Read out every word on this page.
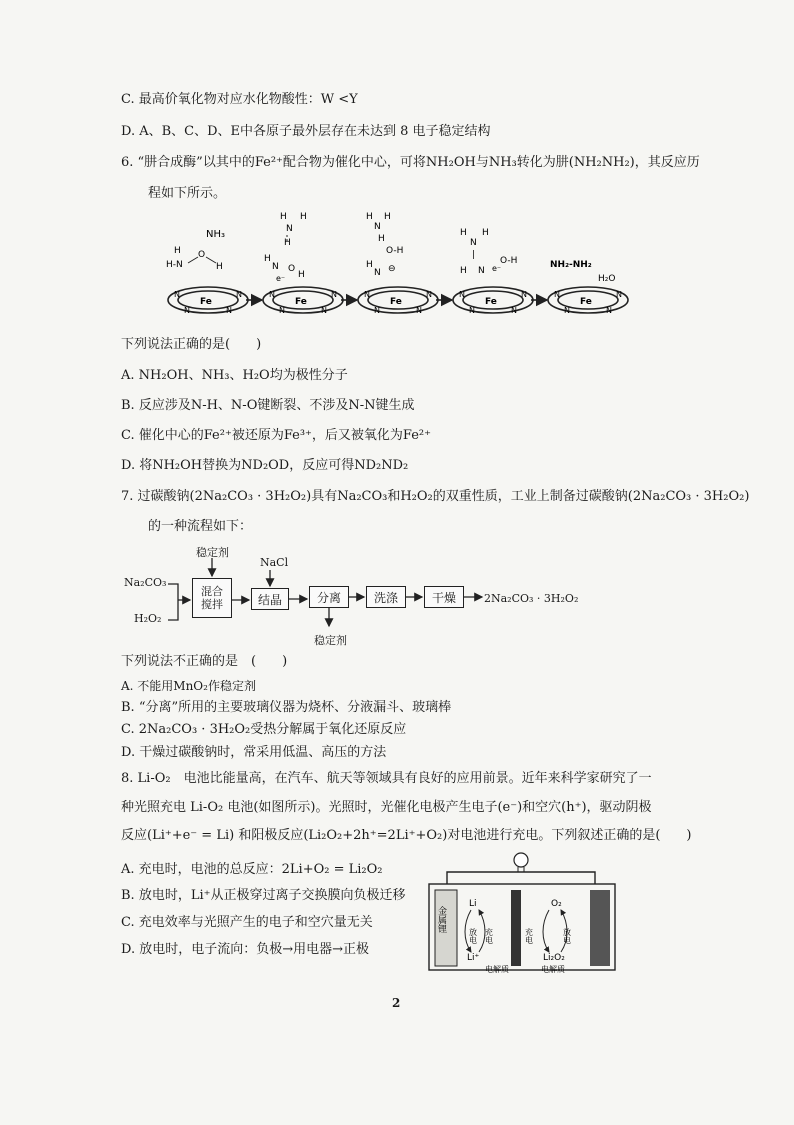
C. 最高价氧化物对应水化物酸性：W <Y
D. A、B、C、D、E中各原子最外层存在未达到 8 电子稳定结构
6. “肼合成酶”以其中的Fe²⁺配合物为催化中心，可将NH₂OH与NH₃转化为肼(NH₂NH₂)，其反应历
程如下所示。
Fe
N	N
N	N
Fe
N	N
N	N
Fe
N	N
N	N
Fe
N	N
N	N
Fe
N	N
N	N
NH₃
H
H-N
O
H
H H
N
H
H
N O
H
e⁻
H H
N
H
O-H
H
N ⊖
H
N
H
|
H N e⁻
O-H	NH₂-NH₂
H₂O
下列说法正确的是(　　)
A. NH₂OH、NH₃、H₂O均为极性分子
B. 反应涉及N-H、N-O键断裂、不涉及N-N键生成
C. 催化中心的Fe²⁺被还原为Fe³⁺，后又被氧化为Fe²⁺
D. 将NH₂OH替换为ND₂OD，反应可得ND₂ND₂
7. 过碳酸钠(2Na₂CO₃ · 3H₂O₂)具有Na₂CO₃和H₂O₂的双重性质，工业上制备过碳酸钠(2Na₂CO₃ · 3H₂O₂)
的一种流程如下：
稳定剂
NaCl
Na₂CO₃
H₂O₂
混合
搅拌	结晶	分离	洗涤	干燥	2Na₂CO₃ · 3H₂O₂
稳定剂
下列说法不正确的是　(　　)
A. 不能用MnO₂作稳定剂
B. “分离”所用的主要玻璃仪器为烧杯、分液漏斗、玻璃棒
C. 2Na₂CO₃ · 3H₂O₂受热分解属于氧化还原反应
D. 干燥过碳酸钠时，常采用低温、高压的方法
8. Li-O₂　电池比能量高，在汽车、航天等领域具有良好的应用前景。近年来科学家研究了一
种光照充电 Li-O₂ 电池(如图所示)。光照时，光催化电极产生电子(e⁻)和空穴(h⁺)，驱动阴极
反应(Li⁺+e⁻ = Li) 和阳极反应(Li₂O₂+2h⁺=2Li⁺+O₂)对电池进行充电。下列叙述正确的是(　　)
A. 充电时，电池的总反应：2Li+O₂ = Li₂O₂
B. 放电时，Li⁺从正极穿过离子交换膜向负极迁移
C. 充电效率与光照产生的电子和空穴量无关
D. 放电时，电子流向：负极→用电器→正极
金属锂
Li
Li⁺
放电 充电
电解质
O₂
Li₂O₂
充电	放电
电解质
2
